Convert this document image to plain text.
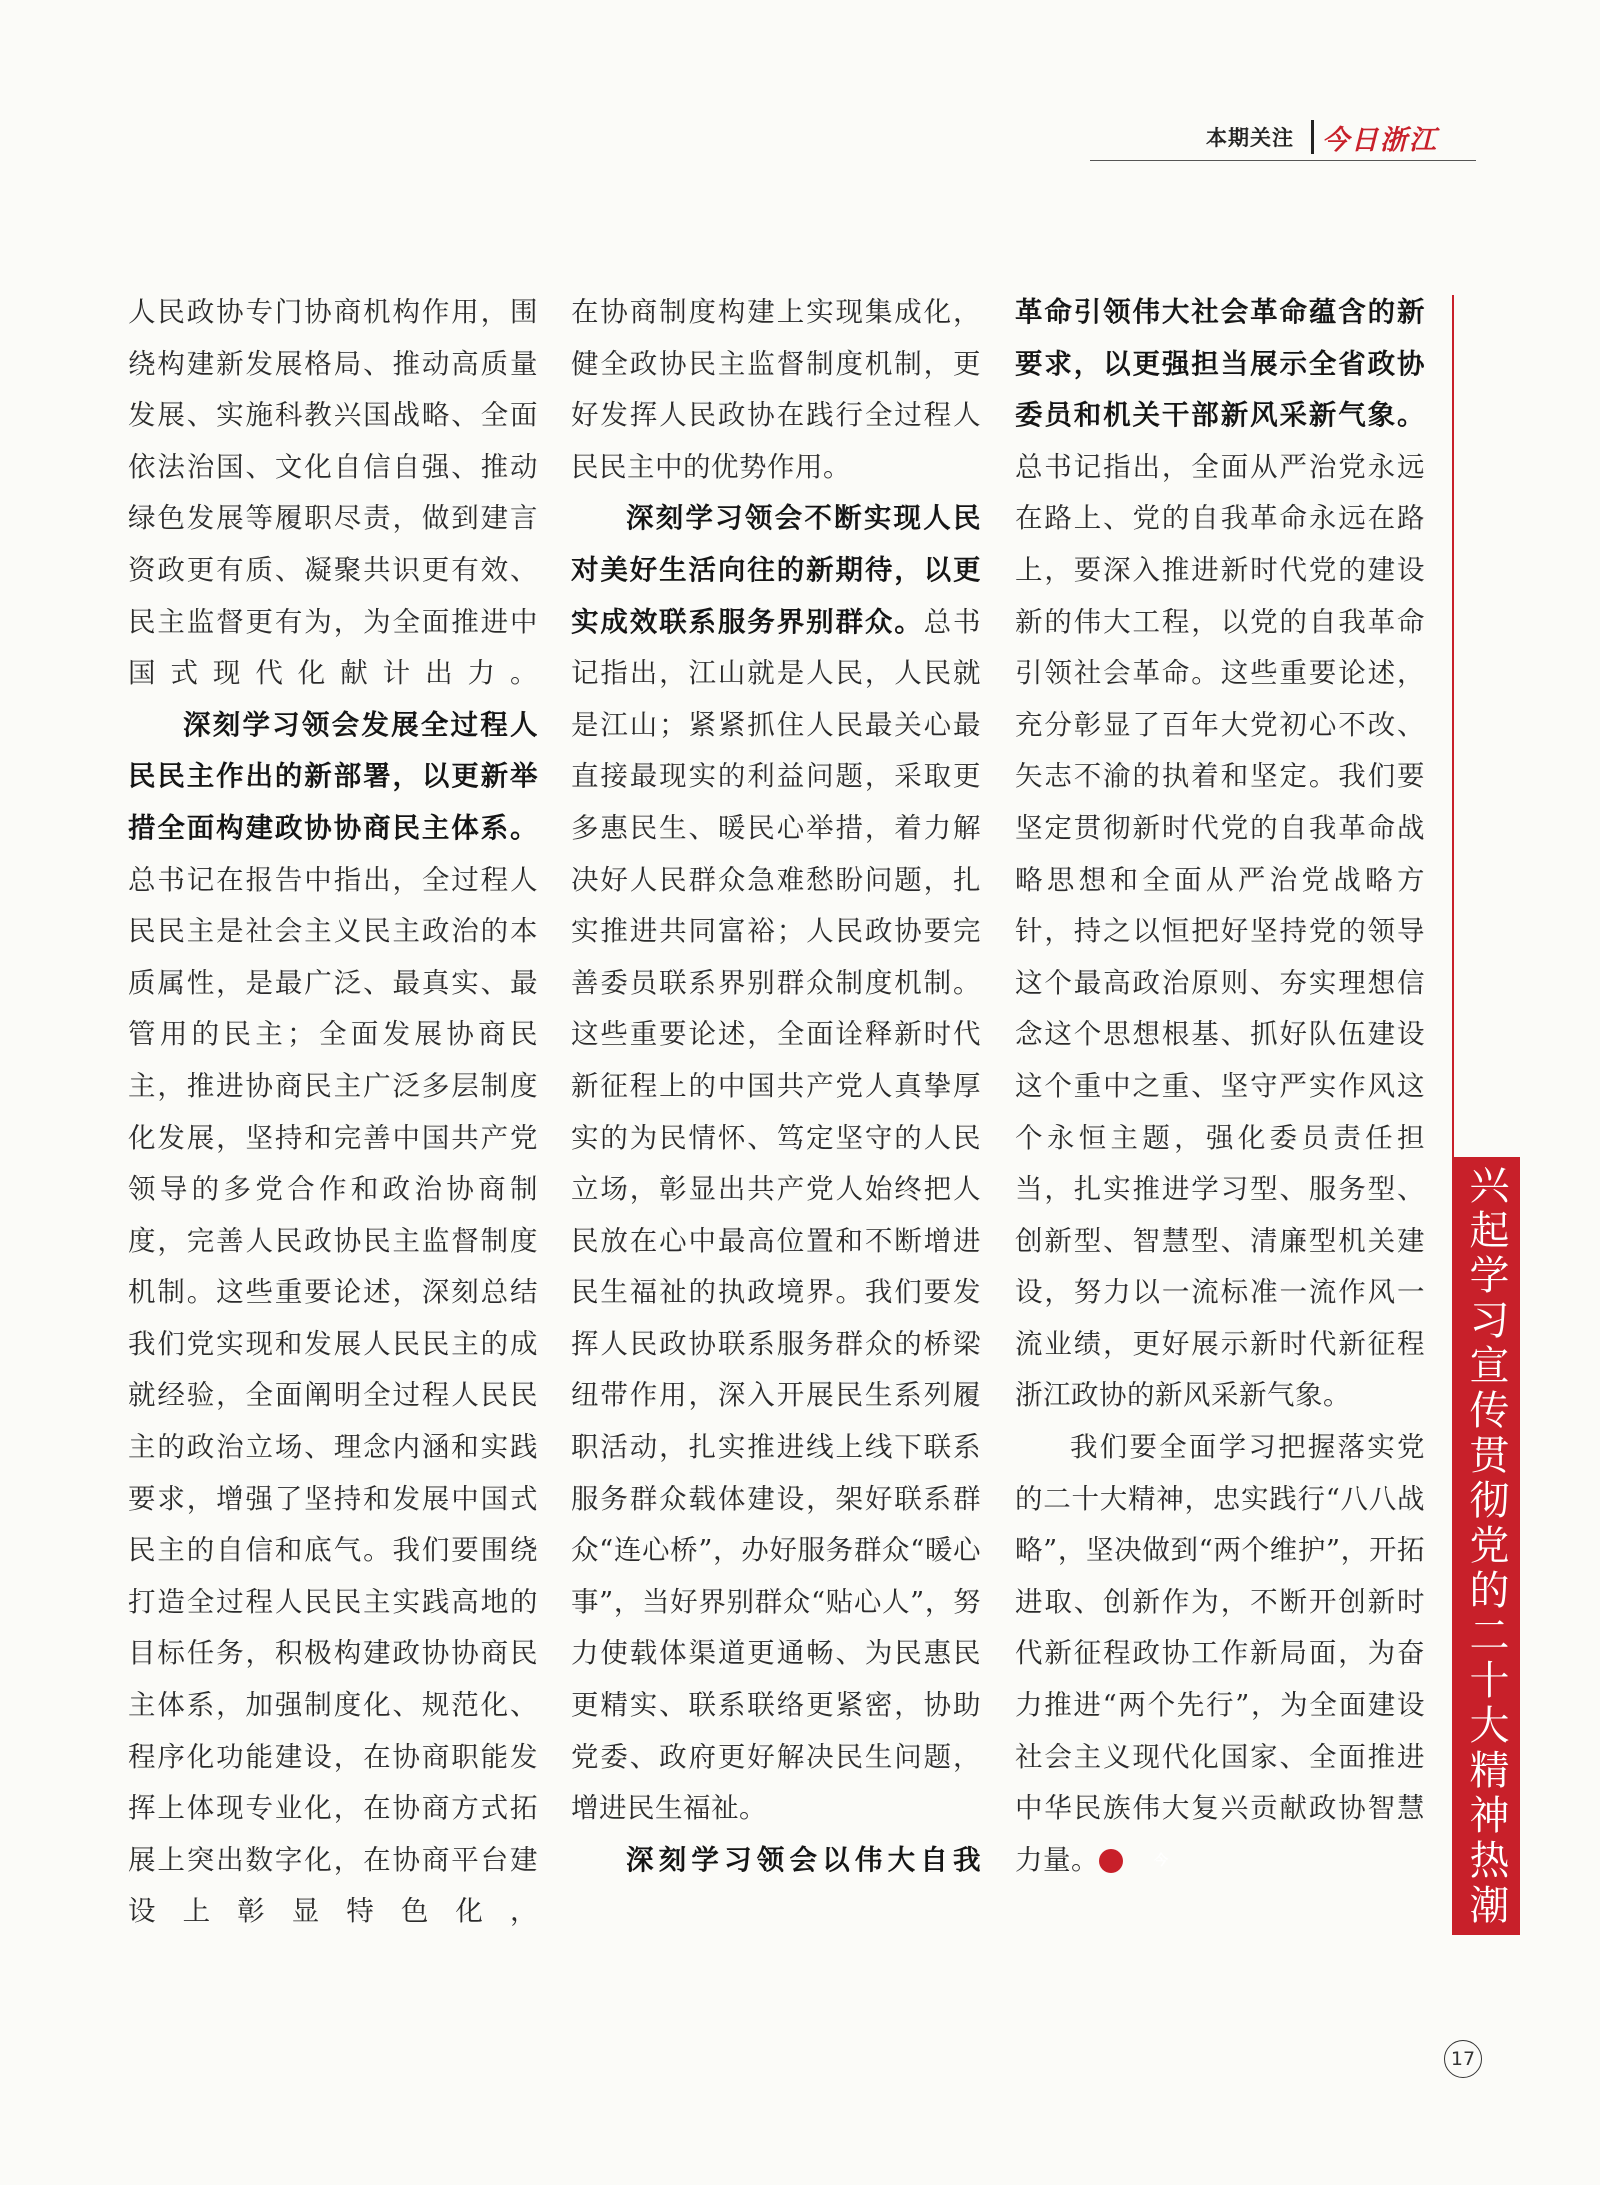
本期关注 今日浙江

人民政协专门协商机构作用，围绕构建新发展格局、推动高质量发展、实施科教兴国战略、全面依法治国、文化自信自强、推动绿色发展等履职尽责，做到建言资政更有质、凝聚共识更有效、民主监督更有为，为全面推进中国式现代化献计出力。

深刻学习领会发展全过程人民民主作出的新部署，以更新举措全面构建政协协商民主体系。总书记在报告中指出，全过程人民民主是社会主义民主政治的本质属性，是最广泛、最真实、最管用的民主；全面发展协商民主，推进协商民主广泛多层制度化发展，坚持和完善中国共产党领导的多党合作和政治协商制度，完善人民政协民主监督制度机制。这些重要论述，深刻总结我们党实现和发展人民民主的成就经验，全面阐明全过程人民民主的政治立场、理念内涵和实践要求，增强了坚持和发展中国式民主的自信和底气。我们要围绕打造全过程人民民主实践高地的目标任务，积极构建政协协商民主体系，加强制度化、规范化、程序化功能建设，在协商职能发挥上体现专业化，在协商方式拓展上突出数字化，在协商平台建设上彰显特色化，

在协商制度构建上实现集成化，健全政协民主监督制度机制，更好发挥人民政协在践行全过程人民民主中的优势作用。

深刻学习领会不断实现人民对美好生活向往的新期待，以更实成效联系服务界别群众。总书记指出，江山就是人民，人民就是江山；紧紧抓住人民最关心最直接最现实的利益问题，采取更多惠民生、暖民心举措，着力解决好人民群众急难愁盼问题，扎实推进共同富裕；人民政协要完善委员联系界别群众制度机制。这些重要论述，全面诠释新时代新征程上的中国共产党人真挚厚实的为民情怀、笃定坚守的人民立场，彰显出共产党人始终把人民放在心中最高位置和不断增进民生福祉的执政境界。我们要发挥人民政协联系服务群众的桥梁纽带作用，深入开展民生系列履职活动，扎实推进线上线下联系服务群众载体建设，架好联系群众“连心桥”，办好服务群众“暖心事”，当好界别群众“贴心人”，努力使载体渠道更通畅、为民惠民更精实、联系联络更紧密，协助党委、政府更好解决民生问题，增进民生福祉。

深刻学习领会以伟大自我

革命引领伟大社会革命蕴含的新要求，以更强担当展示全省政协委员和机关干部新风采新气象。总书记指出，全面从严治党永远在路上、党的自我革命永远在路上，要深入推进新时代党的建设新的伟大工程，以党的自我革命引领社会革命。这些重要论述，充分彰显了百年大党初心不改、矢志不渝的执着和坚定。我们要坚定贯彻新时代党的自我革命战略思想和全面从严治党战略方针，持之以恒把好坚持党的领导这个最高政治原则、夯实理想信念这个思想根基、抓好队伍建设这个重中之重、坚守严实作风这个永恒主题，强化委员责任担当，扎实推进学习型、服务型、创新型、智慧型、清廉型机关建设，努力以一流标准一流作风一流业绩，更好展示新时代新征程浙江政协的新风采新气象。

我们要全面学习把握落实党的二十大精神，忠实践行“八八战略”，坚决做到“两个维护”，开拓进取、创新作为，不断开创新时代新征程政协工作新局面，为奋力推进“两个先行”，为全面建设社会主义现代化国家、全面推进中华民族伟大复兴贡献政协智慧力量。	今	兴起学习宣传贯彻党的二十大精神热潮
17
